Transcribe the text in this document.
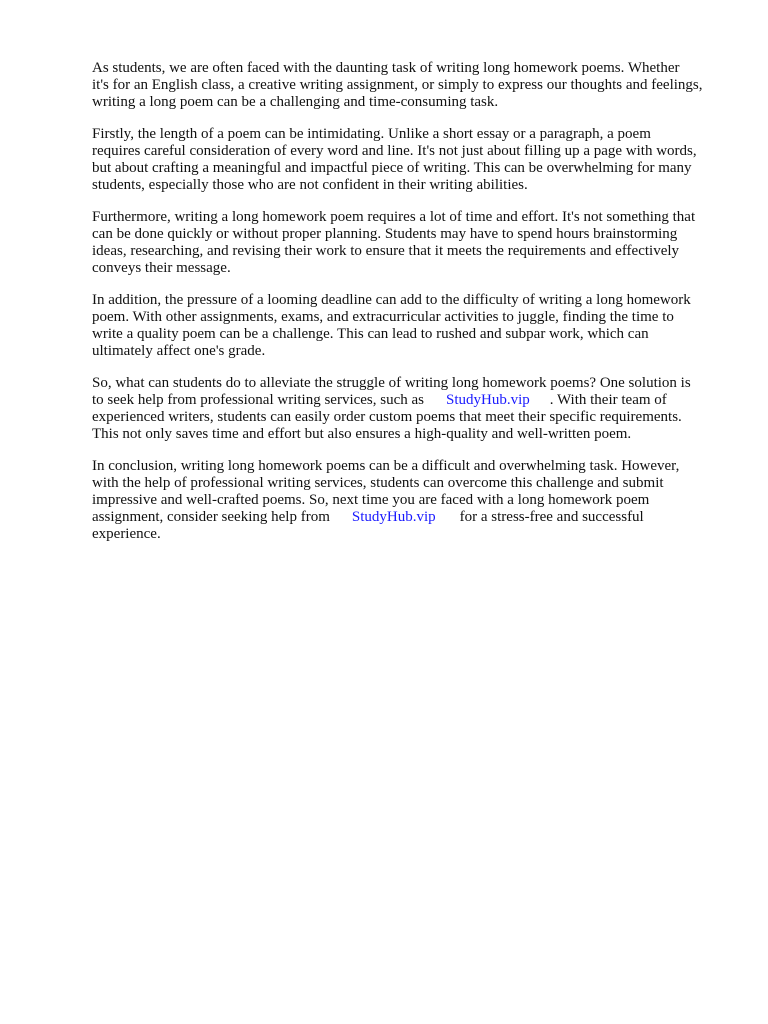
As students, we are often faced with the daunting task of writing long homework poems. Whether
it's for an English class, a creative writing assignment, or simply to express our thoughts and feelings,
writing a long poem can be a challenging and time-consuming task.

Firstly, the length of a poem can be intimidating. Unlike a short essay or a paragraph, a poem
requires careful consideration of every word and line. It's not just about filling up a page with words,
but about crafting a meaningful and impactful piece of writing. This can be overwhelming for many
students, especially those who are not confident in their writing abilities.

Furthermore, writing a long homework poem requires a lot of time and effort. It's not something that
can be done quickly or without proper planning. Students may have to spend hours brainstorming
ideas, researching, and revising their work to ensure that it meets the requirements and effectively
conveys their message.

In addition, the pressure of a looming deadline can add to the difficulty of writing a long homework
poem. With other assignments, exams, and extracurricular activities to juggle, finding the time to
write a quality poem can be a challenge. This can lead to rushed and subpar work, which can
ultimately affect one's grade.

So, what can students do to alleviate the struggle of writing long homework poems? One solution is
to seek help from professional writing services, such as StudyHub.vip . With their team of
experienced writers, students can easily order custom poems that meet their specific requirements.
This not only saves time and effort but also ensures a high-quality and well-written poem.

In conclusion, writing long homework poems can be a difficult and overwhelming task. However,
with the help of professional writing services, students can overcome this challenge and submit
impressive and well-crafted poems. So, next time you are faced with a long homework poem
assignment, consider seeking help from StudyHub.vip for a stress-free and successful
experience.
